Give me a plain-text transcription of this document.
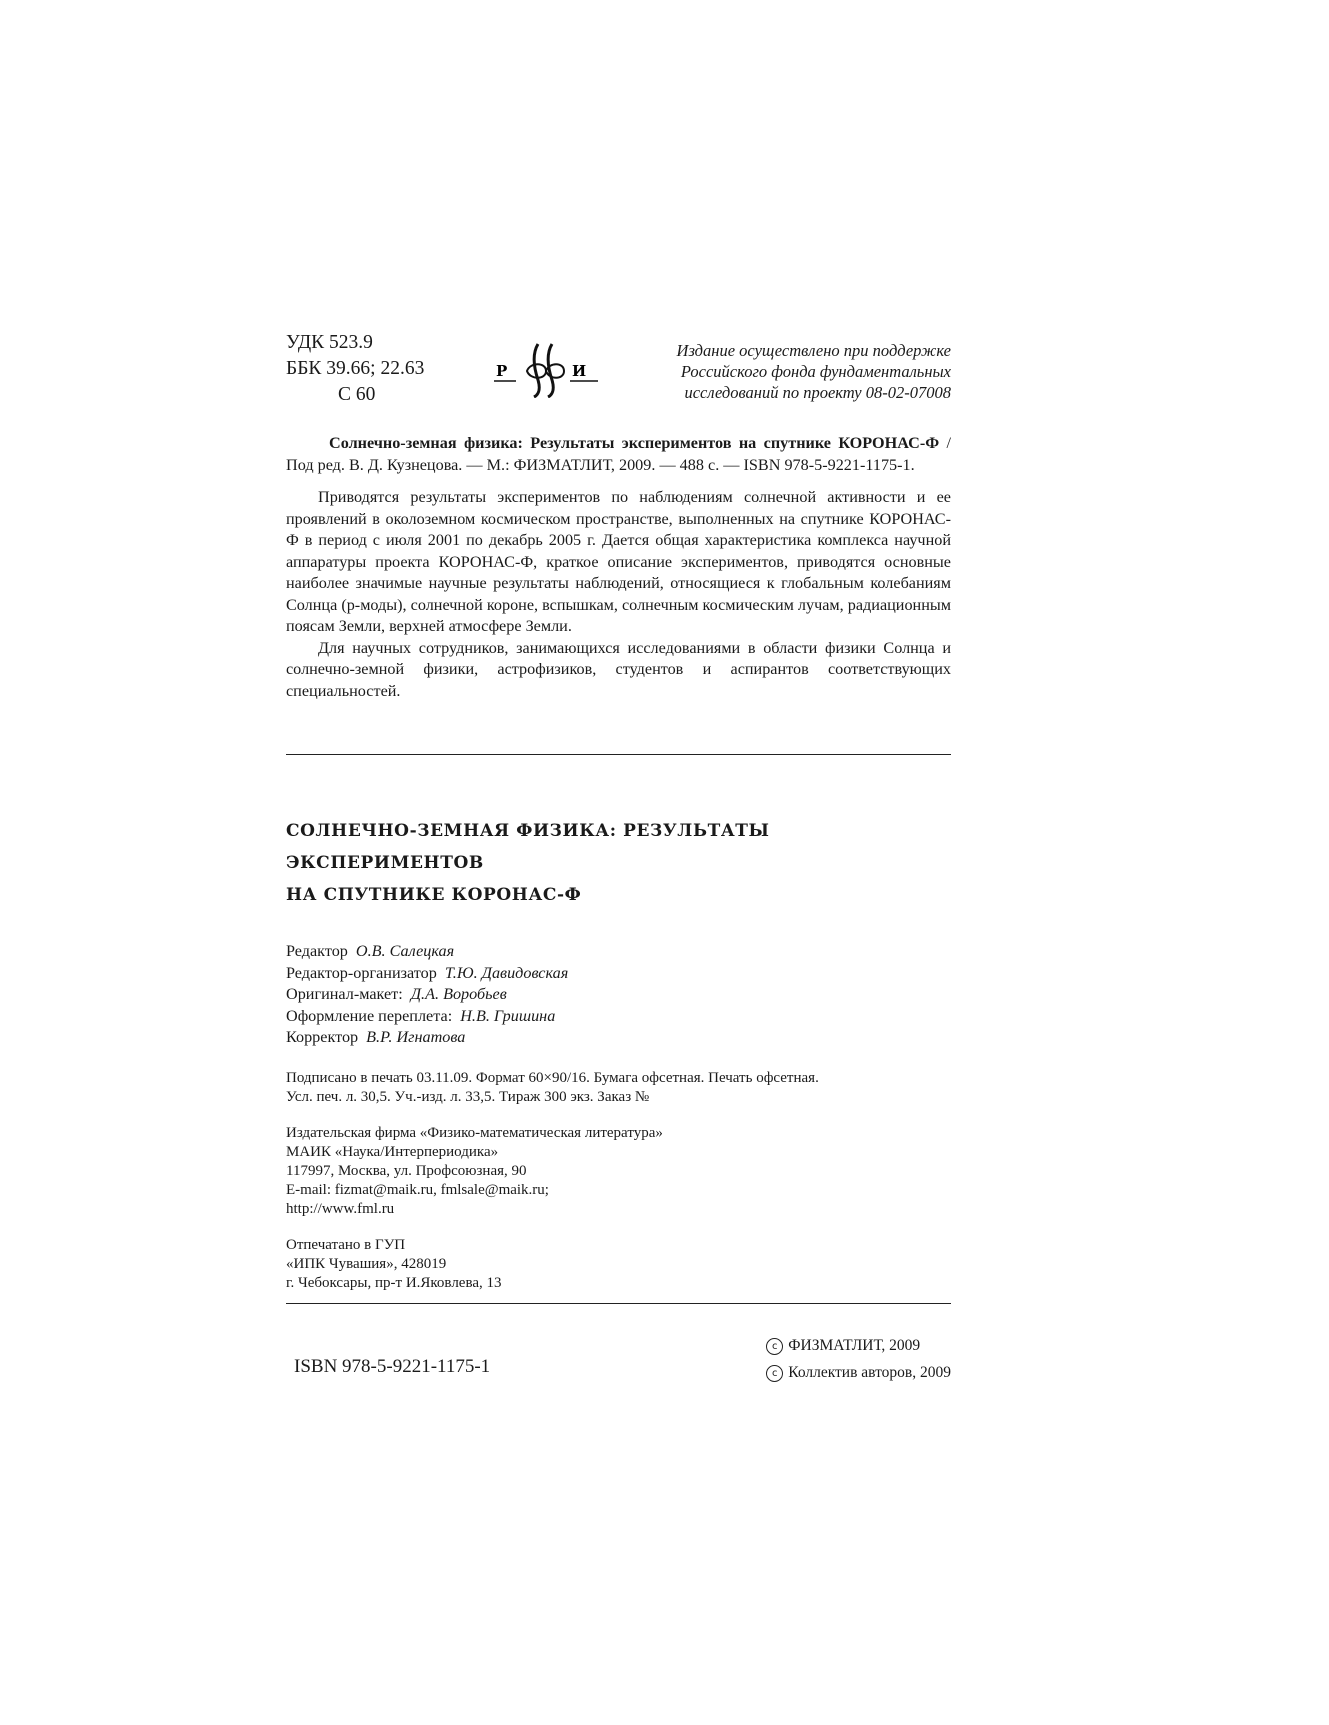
УДК 523.9
ББК 39.66; 22.63
С 60
Р	И
Издание осуществлено при поддержке
Российского фонда фундаментальных
исследований по проекту 08-02-07008
Солнечно-земная физика: Результаты экспериментов на спутнике КОРОНАС-Ф / Под ред. В. Д. Кузнецова. — М.: ФИЗМАТЛИТ, 2009. — 488 с. — ISBN 978-5-9221-1175-1.

Приводятся результаты экспериментов по наблюдениям солнечной активности и ее проявлений в околоземном космическом пространстве, выполненных на спутнике КОРОНАС-Ф в период с июля 2001 по декабрь 2005 г. Дается общая характеристика комплекса научной аппаратуры проекта КОРОНАС-Ф, краткое описание экспериментов, приводятся основные наиболее значимые научные результаты наблюдений, относящиеся к глобальным колебаниям Солнца (p-моды), солнечной короне, вспышкам, солнечным космическим лучам, радиационным поясам Земли, верхней атмосфере Земли.

Для научных сотрудников, занимающихся исследованиями в области физики Солнца и солнечно-земной физики, астрофизиков, студентов и аспирантов соответствующих специальностей.

СОЛНЕЧНО-ЗЕМНАЯ ФИЗИКА: РЕЗУЛЬТАТЫ ЭКСПЕРИМЕНТОВ
НА СПУТНИКЕ КОРОНАС-Ф
Редактор О.В. Салецкая
Редактор-организатор Т.Ю. Давидовская
Оригинал-макет: Д.А. Воробьев
Оформление переплета: Н.В. Гришина
Корректор В.Р. Игнатова
Подписано в печать 03.11.09. Формат 60×90/16. Бумага офсетная. Печать офсетная.
Усл. печ. л. 30,5. Уч.-изд. л. 33,5. Тираж 300 экз. Заказ №
Издательская фирма «Физико-математическая литература»
МАИК «Наука/Интерпериодика»
117997, Москва, ул. Профсоюзная, 90
E-mail: fizmat@maik.ru, fmlsale@maik.ru;
http://www.fml.ru
Отпечатано в ГУП
«ИПК Чувашия», 428019
г. Чебоксары, пр-т И.Яковлева, 13
ISBN 978-5-9221-1175-1
c ФИЗМАТЛИТ, 2009
c Коллектив авторов, 2009
